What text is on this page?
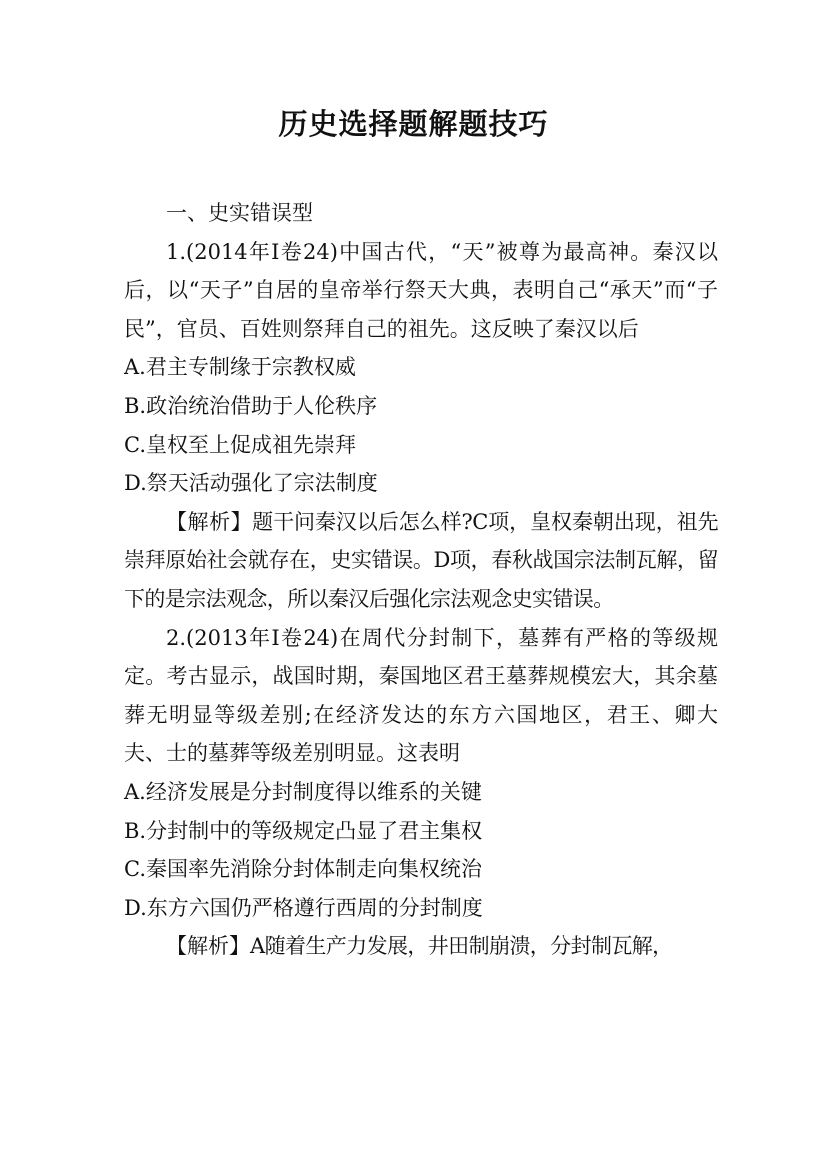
历史选择题解题技巧

一、史实错误型

1.(2014年Ⅰ卷24)中国古代，“天”被尊为最高神。秦汉以后，以“天子”自居的皇帝举行祭天大典，表明自己“承天”而“子民”，官员、百姓则祭拜自己的祖先。这反映了秦汉以后

A.君主专制缘于宗教权威

B.政治统治借助于人伦秩序

C.皇权至上促成祖先崇拜

D.祭天活动强化了宗法制度

【解析】题干问秦汉以后怎么样?C项，皇权秦朝出现，祖先崇拜原始社会就存在，史实错误。D项，春秋战国宗法制瓦解，留下的是宗法观念，所以秦汉后强化宗法观念史实错误。

2.(2013年Ⅰ卷24)在周代分封制下，墓葬有严格的等级规定。考古显示，战国时期，秦国地区君王墓葬规模宏大，其余墓葬无明显等级差别;在经济发达的东方六国地区，君王、卿大夫、士的墓葬等级差别明显。这表明

A.经济发展是分封制度得以维系的关键

B.分封制中的等级规定凸显了君主集权

C.秦国率先消除分封体制走向集权统治

D.东方六国仍严格遵行西周的分封制度

【解析】A随着生产力发展，井田制崩溃，分封制瓦解，
